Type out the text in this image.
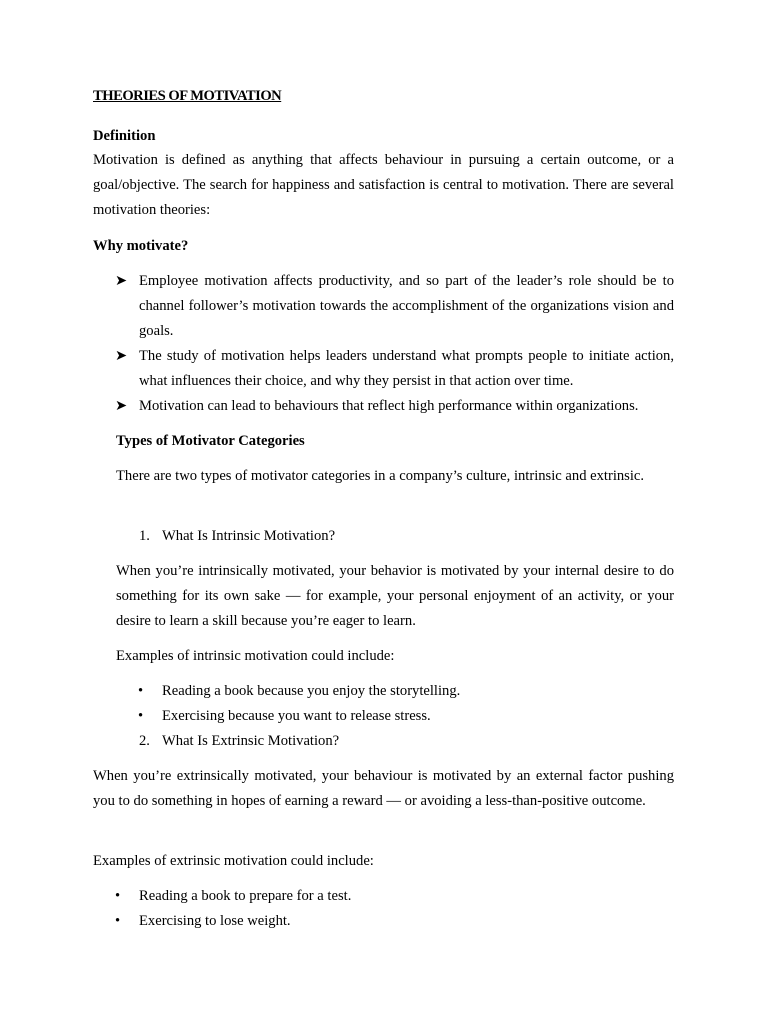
THEORIES OF MOTIVATION
Definition
Motivation is defined as anything that affects behaviour in pursuing a certain outcome, or a goal/objective. The search for happiness and satisfaction is central to motivation. There are several motivation theories:
Why motivate?
➤ Employee motivation affects productivity, and so part of the leader’s role should be to channel follower’s motivation towards the accomplishment of the organizations vision and goals.
➤ The study of motivation helps leaders understand what prompts people to initiate action, what influences their choice, and why they persist in that action over time.
➤ Motivation can lead to behaviours that reflect high performance within organizations.
Types of Motivator Categories
There are two types of motivator categories in a company’s culture, intrinsic and extrinsic.
1. What Is Intrinsic Motivation?
When you’re intrinsically motivated, your behavior is motivated by your internal desire to do something for its own sake — for example, your personal enjoyment of an activity, or your desire to learn a skill because you’re eager to learn.
Examples of intrinsic motivation could include:
• Reading a book because you enjoy the storytelling.
• Exercising because you want to release stress.
2. What Is Extrinsic Motivation?
When you’re extrinsically motivated, your behaviour is motivated by an external factor pushing you to do something in hopes of earning a reward — or avoiding a less-than-positive outcome.
Examples of extrinsic motivation could include:
• Reading a book to prepare for a test.
• Exercising to lose weight.
